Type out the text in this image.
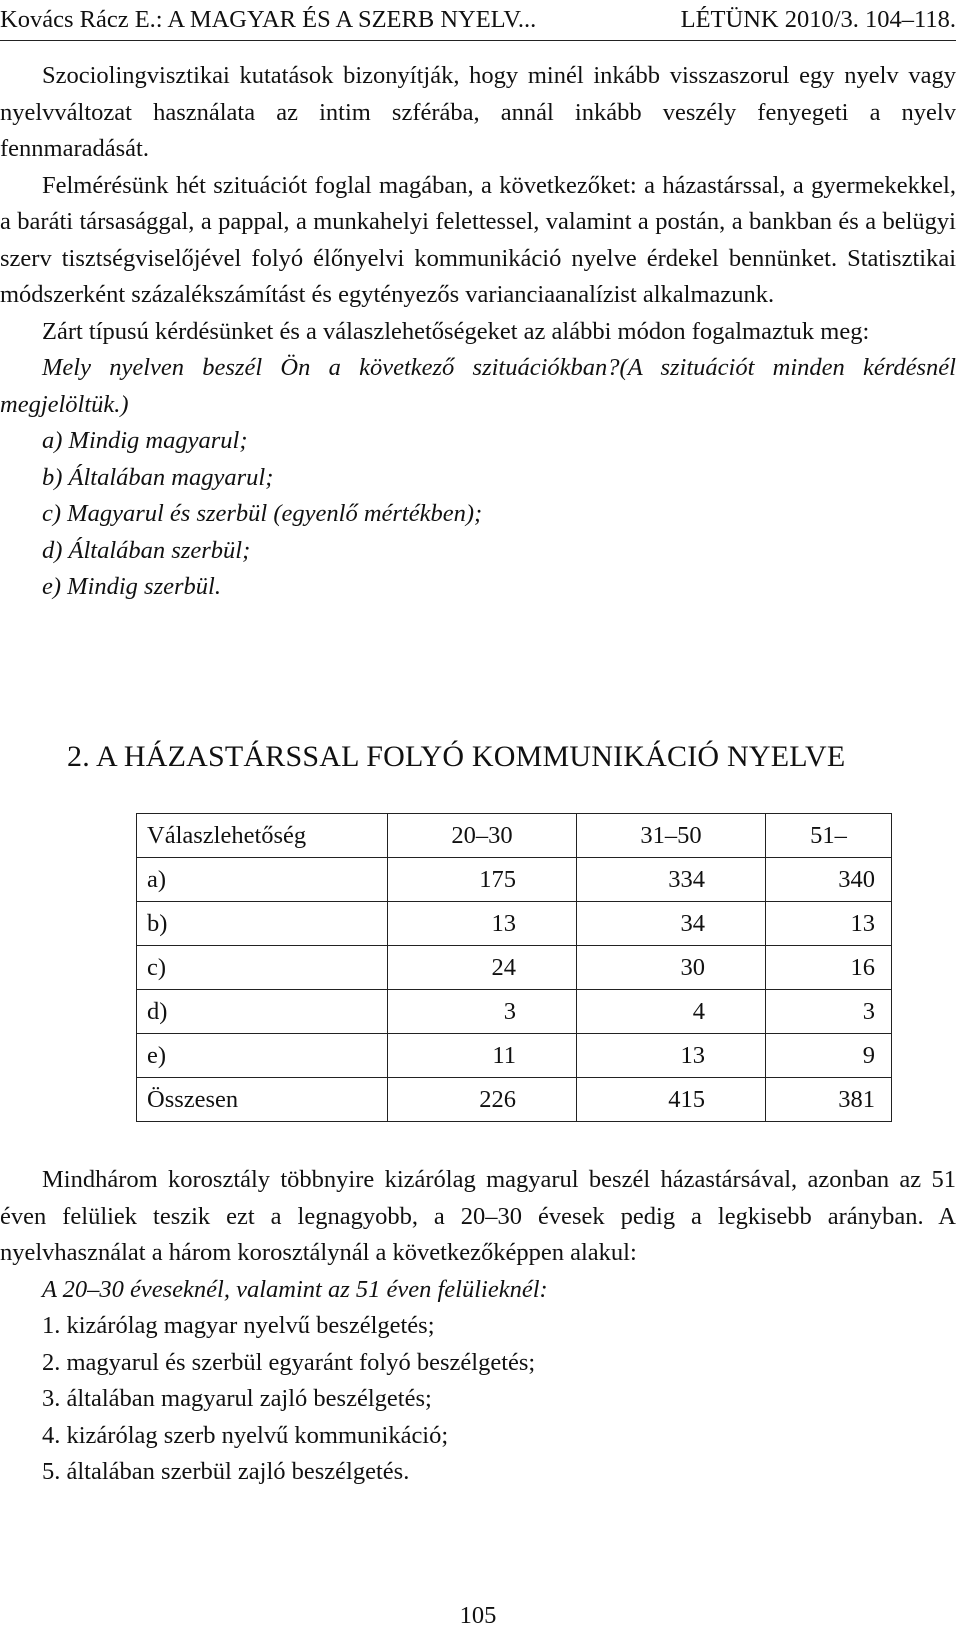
Kovács Rácz E.: A MAGYAR ÉS A SZERB NYELV...	LÉTÜNK 2010/3. 104–118.

Szociolingvisztikai kutatások bizonyítják, hogy minél inkább visszaszorul egy nyelv vagy nyelvváltozat használata az intim szférába, annál inkább veszély fenyegeti a nyelv fennmaradását.

Felmérésünk hét szituációt foglal magában, a következőket: a házastárssal, a gyermekekkel, a baráti társasággal, a pappal, a munkahelyi felettessel, valamint a postán, a bankban és a belügyi szerv tisztségviselőjével folyó élőnyelvi kommunikáció nyelve érdekel bennünket. Statisztikai módszerként százalékszámítást és egytényezős varianciaanalízist alkalmazunk.

Zárt típusú kérdésünket és a válaszlehetőségeket az alábbi módon fogalmaztuk meg:

Mely nyelven beszél Ön a következő szituációkban?(A szituációt minden kérdésnél megjelöltük.)

a) Mindig magyarul;

b) Általában magyarul;

c) Magyarul és szerbül (egyenlő mértékben);

d) Általában szerbül;

e) Mindig szerbül.

2. A HÁZASTÁRSSAL FOLYÓ KOMMUNIKÁCIÓ NYELVE
Válaszlehetőség	20–30	31–50	51–
a)	175	334	340
b)	13	34	13
c)	24	30	16
d)	3	4	3
e)	11	13	9
Összesen	226	415	381

Mindhárom korosztály többnyire kizárólag magyarul beszél házastársával, azonban az 51 éven felüliek teszik ezt a legnagyobb, a 20–30 évesek pedig a legkisebb arányban. A nyelvhasználat a három korosztálynál a következőképpen alakul:

A 20–30 éveseknél, valamint az 51 éven felülieknél:

1. kizárólag magyar nyelvű beszélgetés;

2. magyarul és szerbül egyaránt folyó beszélgetés;

3. általában magyarul zajló beszélgetés;

4. kizárólag szerb nyelvű kommunikáció;

5. általában szerbül zajló beszélgetés.

105
